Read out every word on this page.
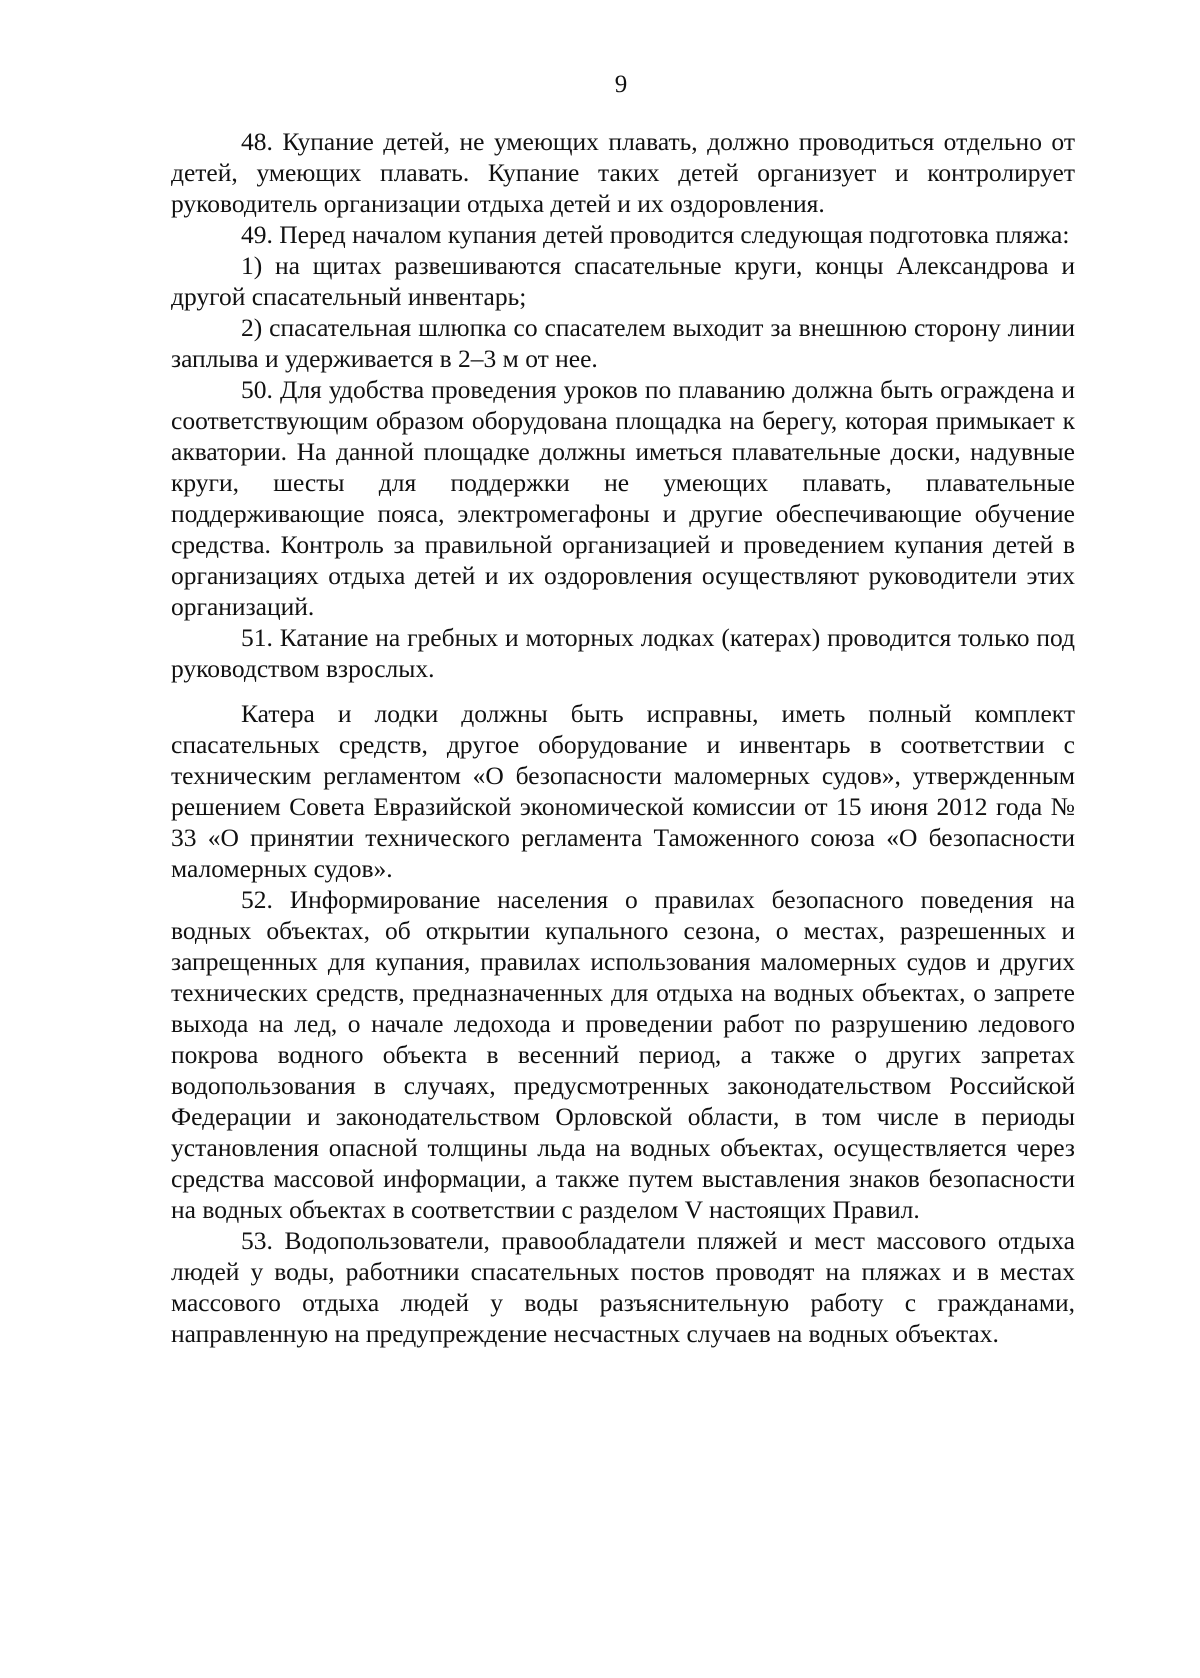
9

48. Купание детей, не умеющих плавать, должно проводиться отдельно от детей, умеющих плавать. Купание таких детей организует и контролирует руководитель организации отдыха детей и их оздоровления.

49. Перед началом купания детей проводится следующая подготовка пляжа:

1) на щитах развешиваются спасательные круги, концы Александрова и другой спасательный инвентарь;

2) спасательная шлюпка со спасателем выходит за внешнюю сторону линии заплыва и удерживается в 2–3 м от нее.

50. Для удобства проведения уроков по плаванию должна быть ограждена и соответствующим образом оборудована площадка на берегу, которая примыкает к акватории. На данной площадке должны иметься плавательные доски, надувные круги, шесты для поддержки не умеющих плавать, плавательные поддерживающие пояса, электромегафоны и другие обеспечивающие обучение средства. Контроль за правильной организацией и проведением купания детей в организациях отдыха детей и их оздоровления осуществляют руководители этих организаций.

51. Катание на гребных и моторных лодках (катерах) проводится только под руководством взрослых.

Катера и лодки должны быть исправны, иметь полный комплект спасательных средств, другое оборудование и инвентарь в соответствии с техническим регламентом «О безопасности маломерных судов», утвержденным решением Совета Евразийской экономической комиссии от 15 июня 2012 года № 33 «О принятии технического регламента Таможенного союза «О безопасности маломерных судов».

52. Информирование населения о правилах безопасного поведения на водных объектах, об открытии купального сезона, о местах, разрешенных и запрещенных для купания, правилах использования маломерных судов и других технических средств, предназначенных для отдыха на водных объектах, о запрете выхода на лед, о начале ледохода и проведении работ по разрушению ледового покрова водного объекта в весенний период, а также о других запретах водопользования в случаях, предусмотренных законодательством Российской Федерации и законодательством Орловской области, в том числе в периоды установления опасной толщины льда на водных объектах, осуществляется через средства массовой информации, а также путем выставления знаков безопасности на водных объектах в соответствии с разделом V настоящих Правил.

53. Водопользователи, правообладатели пляжей и мест массового отдыха людей у воды, работники спасательных постов проводят на пляжах и в местах массового отдыха людей у воды разъяснительную работу с гражданами, направленную на предупреждение несчастных случаев на водных объектах.
